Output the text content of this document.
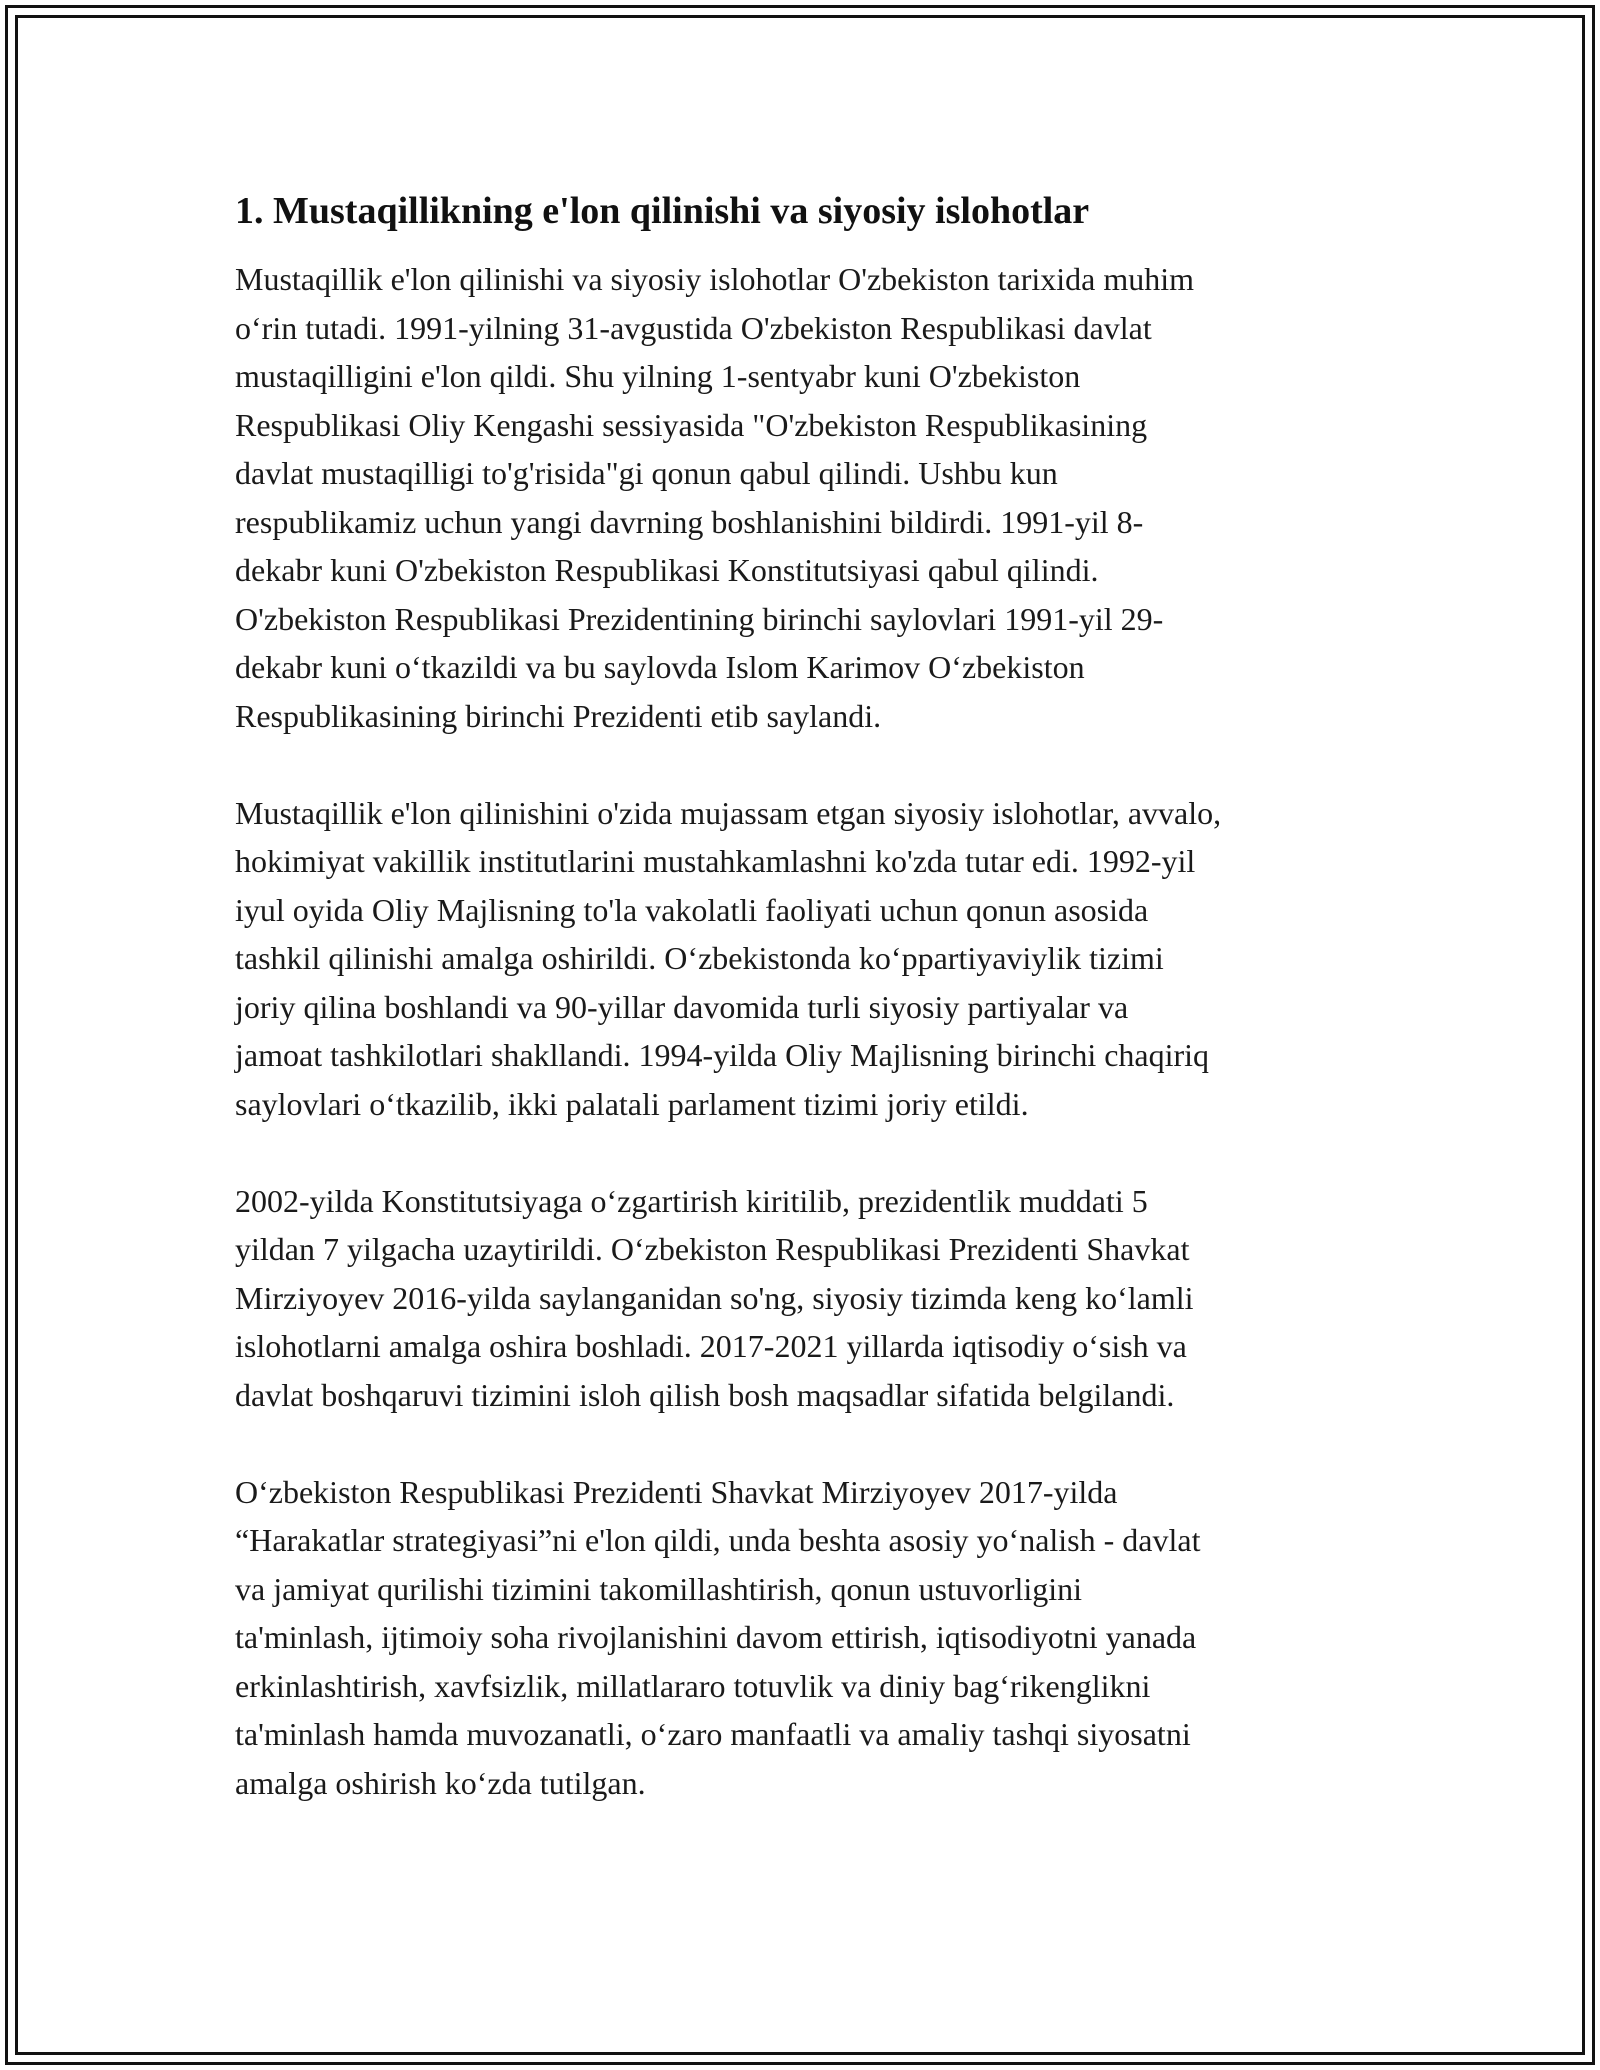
1. Mustaqillikning e'lon qilinishi va siyosiy islohotlar

Mustaqillik e'lon qilinishi va siyosiy islohotlar O'zbekiston tarixida muhim
o‘rin tutadi. 1991-yilning 31-avgustida O'zbekiston Respublikasi davlat
mustaqilligini e'lon qildi. Shu yilning 1-sentyabr kuni O'zbekiston
Respublikasi Oliy Kengashi sessiyasida "O'zbekiston Respublikasining
davlat mustaqilligi to'g'risida"gi qonun qabul qilindi. Ushbu kun
respublikamiz uchun yangi davrning boshlanishini bildirdi. 1991-yil 8-
dekabr kuni O'zbekiston Respublikasi Konstitutsiyasi qabul qilindi.
O'zbekiston Respublikasi Prezidentining birinchi saylovlari 1991-yil 29-
dekabr kuni o‘tkazildi va bu saylovda Islom Karimov O‘zbekiston
Respublikasining birinchi Prezidenti etib saylandi.

Mustaqillik e'lon qilinishini o'zida mujassam etgan siyosiy islohotlar, avvalo,
hokimiyat vakillik institutlarini mustahkamlashni ko'zda tutar edi. 1992-yil
iyul oyida Oliy Majlisning to'la vakolatli faoliyati uchun qonun asosida
tashkil qilinishi amalga oshirildi. O‘zbekistonda ko‘ppartiyaviylik tizimi
joriy qilina boshlandi va 90-yillar davomida turli siyosiy partiyalar va
jamoat tashkilotlari shakllandi. 1994-yilda Oliy Majlisning birinchi chaqiriq
saylovlari o‘tkazilib, ikki palatali parlament tizimi joriy etildi.

2002-yilda Konstitutsiyaga o‘zgartirish kiritilib, prezidentlik muddati 5
yildan 7 yilgacha uzaytirildi. O‘zbekiston Respublikasi Prezidenti Shavkat
Mirziyoyev 2016-yilda saylanganidan so'ng, siyosiy tizimda keng ko‘lamli
islohotlarni amalga oshira boshladi. 2017-2021 yillarda iqtisodiy o‘sish va
davlat boshqaruvi tizimini isloh qilish bosh maqsadlar sifatida belgilandi.

O‘zbekiston Respublikasi Prezidenti Shavkat Mirziyoyev 2017-yilda
“Harakatlar strategiyasi”ni e'lon qildi, unda beshta asosiy yo‘nalish - davlat
va jamiyat qurilishi tizimini takomillashtirish, qonun ustuvorligini
ta'minlash, ijtimoiy soha rivojlanishini davom ettirish, iqtisodiyotni yanada
erkinlashtirish, xavfsizlik, millatlararo totuvlik va diniy bag‘rikenglikni
ta'minlash hamda muvozanatli, o‘zaro manfaatli va amaliy tashqi siyosatni
amalga oshirish ko‘zda tutilgan.
